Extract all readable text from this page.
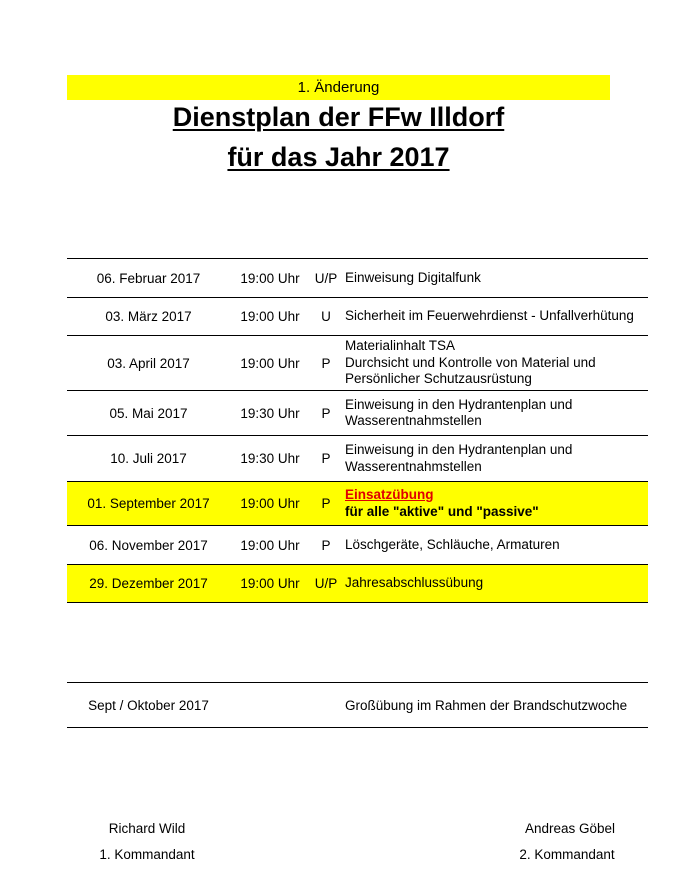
1. Änderung
Dienstplan der FFw Illdorf
für das Jahr 2017
06. Februar 2017	19:00 Uhr	U/P	Einweisung Digitalfunk

03. März 2017	19:00 Uhr	U	Sicherheit im Feuerwehrdienst - Unfallverhütung

03. April 2017	19:00 Uhr	P	Materialinhalt TSA
Durchsicht und Kontrolle von Material und
Persönlicher Schutzausrüstung

05. Mai 2017	19:30 Uhr	P	Einweisung in den Hydrantenplan und
Wasserentnahmstellen

10. Juli 2017	19:30 Uhr	P	Einweisung in den Hydrantenplan und
Wasserentnahmstellen

01. September 2017	19:00 Uhr	P	Einsatzübung
für alle "aktive" und "passive"

06. November 2017	19:00 Uhr	P	Löschgeräte, Schläuche, Armaturen

29. Dezember 2017	19:00 Uhr	U/P	Jahresabschlussübung
Sept / Oktober 2017		Großübung im Rahmen der Brandschutzwoche
Richard Wild
1. Kommandant
Andreas Göbel
2. Kommandant
